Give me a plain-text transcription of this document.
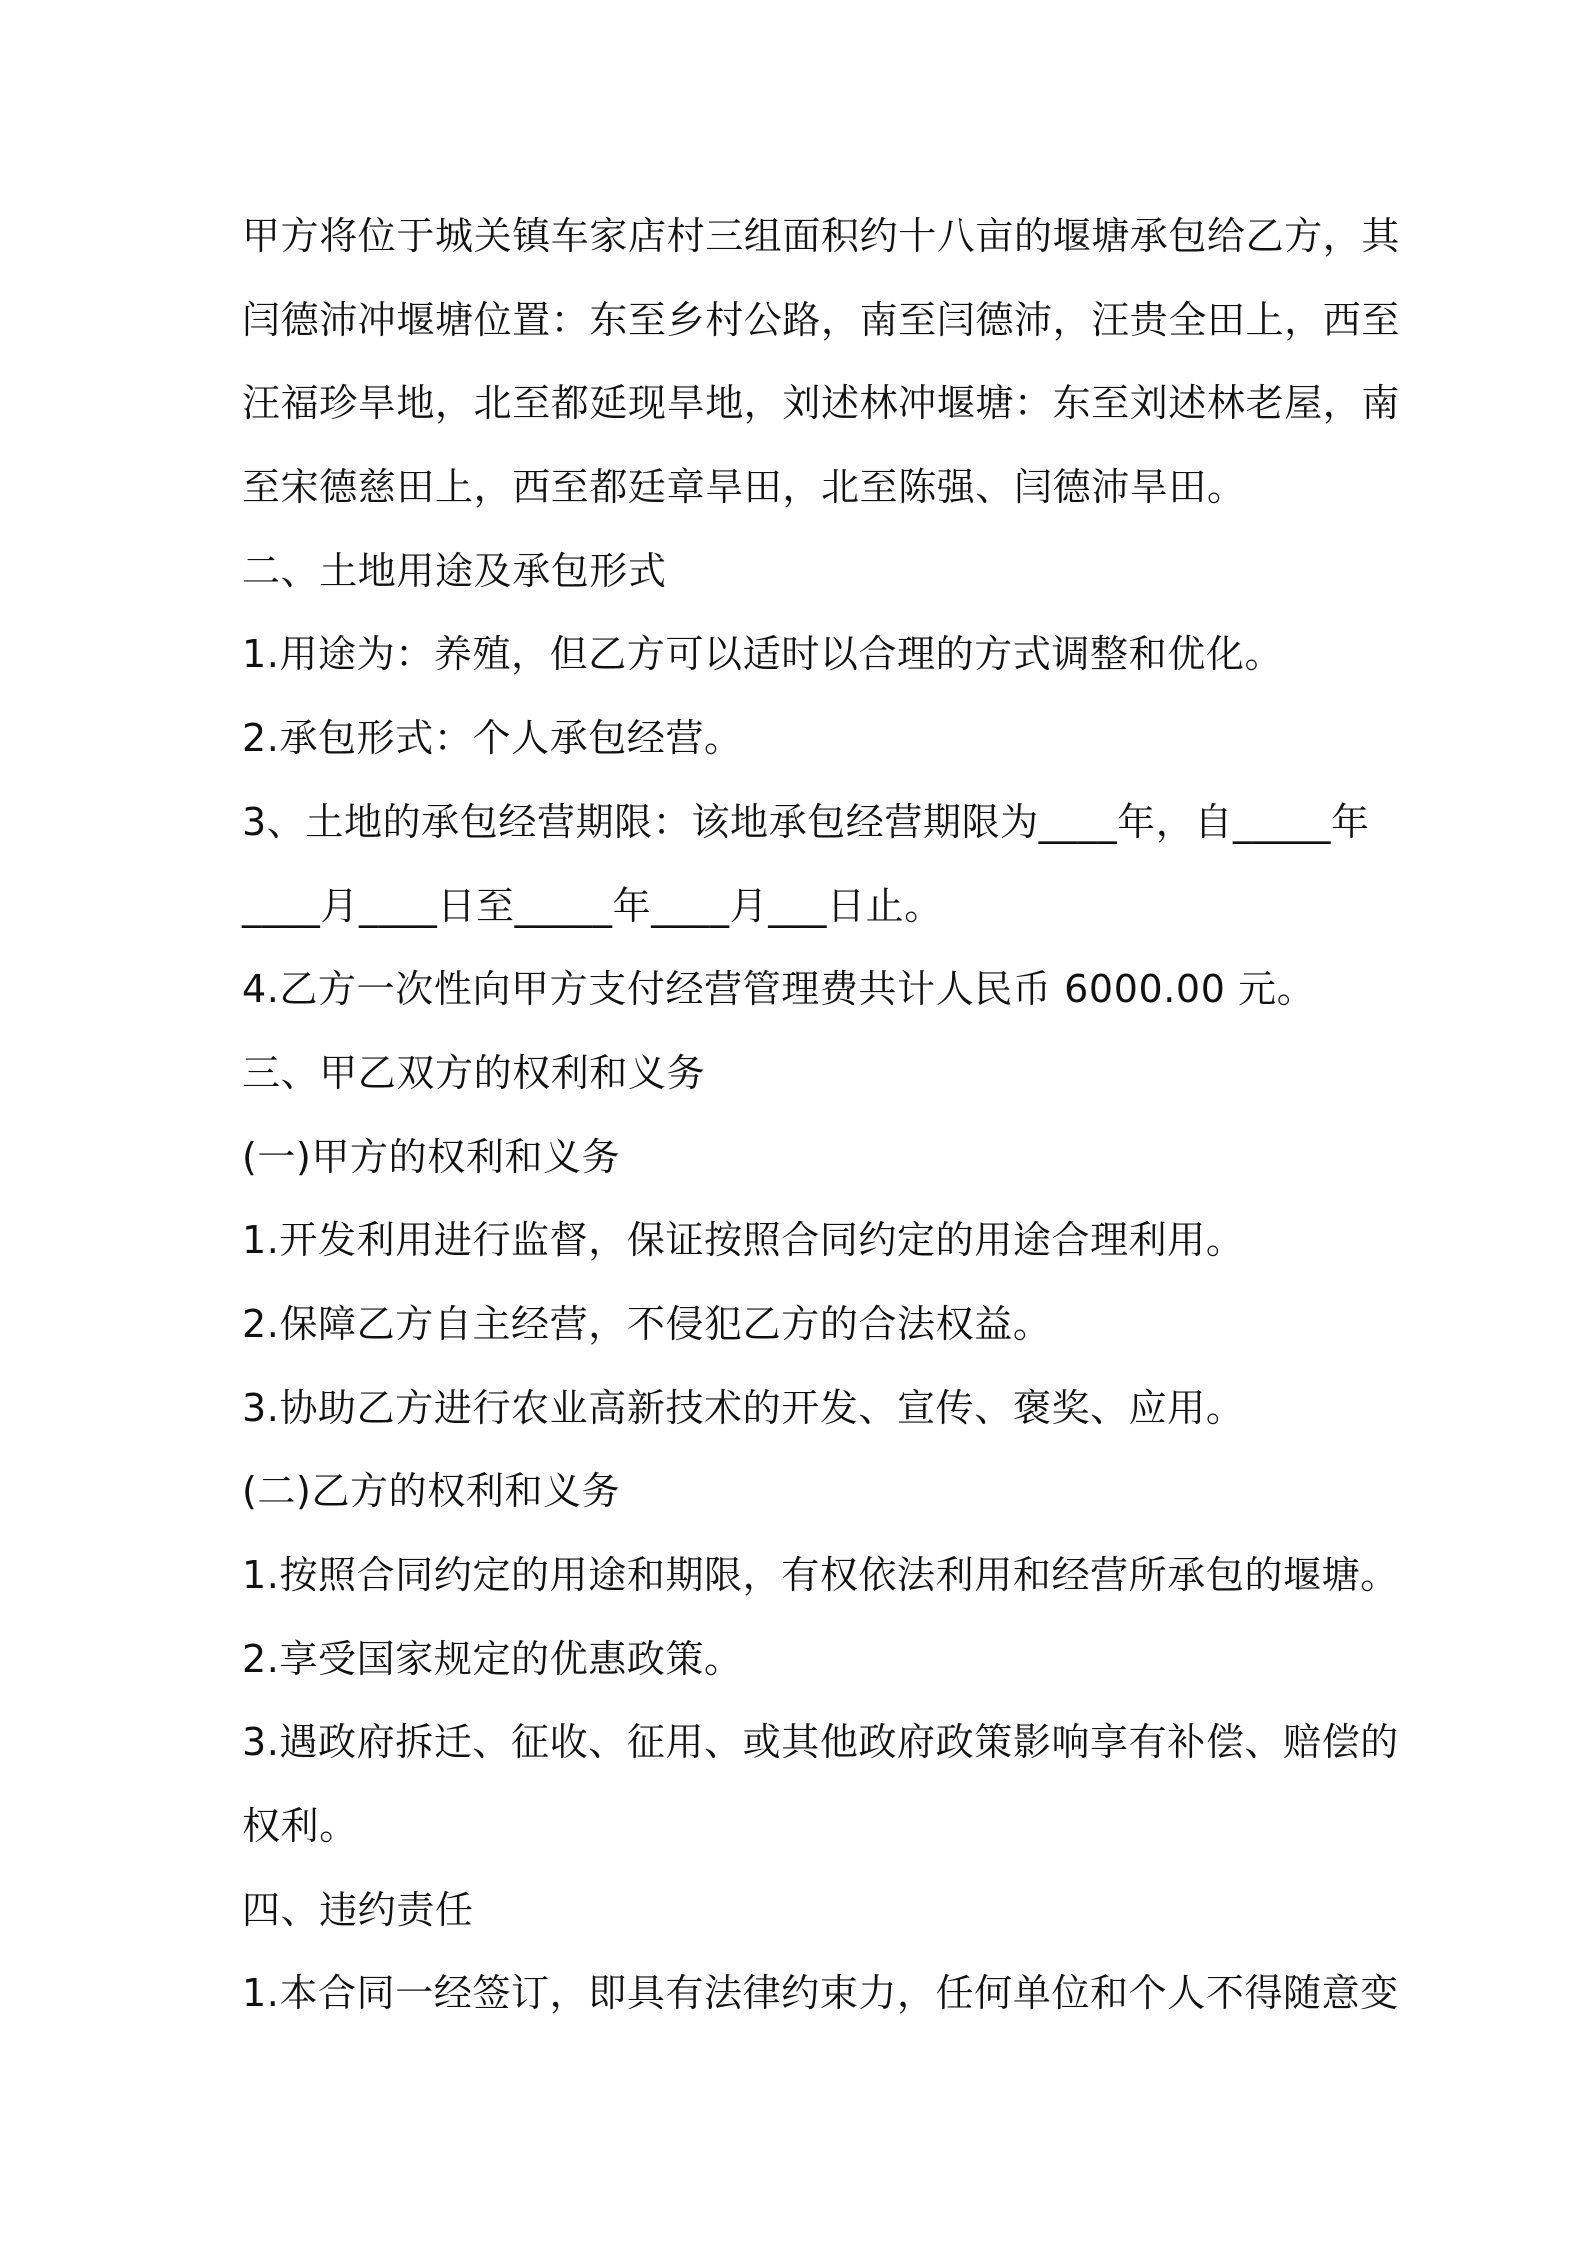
甲方将位于城关镇车家店村三组面积约十八亩的堰塘承包给乙方，其
闫德沛冲堰塘位置：东至乡村公路，南至闫德沛，汪贵全田上，西至
汪福珍旱地，北至都延现旱地，刘述林冲堰塘：东至刘述林老屋，南
至宋德慈田上，西至都廷章旱田，北至陈强、闫德沛旱田。
二、土地用途及承包形式
1.用途为：养殖，但乙方可以适时以合理的方式调整和优化。
2.承包形式：个人承包经营。
3、土地的承包经营期限：该地承包经营期限为____年，自_____年
____月____日至_____年____月___日止。
4.乙方一次性向甲方支付经营管理费共计人民币 6000.00 元。
三、甲乙双方的权利和义务
(一)甲方的权利和义务
1.开发利用进行监督，保证按照合同约定的用途合理利用。
2.保障乙方自主经营，不侵犯乙方的合法权益。
3.协助乙方进行农业高新技术的开发、宣传、褒奖、应用。
(二)乙方的权利和义务
1.按照合同约定的用途和期限，有权依法利用和经营所承包的堰塘。
2.享受国家规定的优惠政策。
3.遇政府拆迁、征收、征用、或其他政府政策影响享有补偿、赔偿的
权利。
四、违约责任
1.本合同一经签订，即具有法律约束力，任何单位和个人不得随意变
